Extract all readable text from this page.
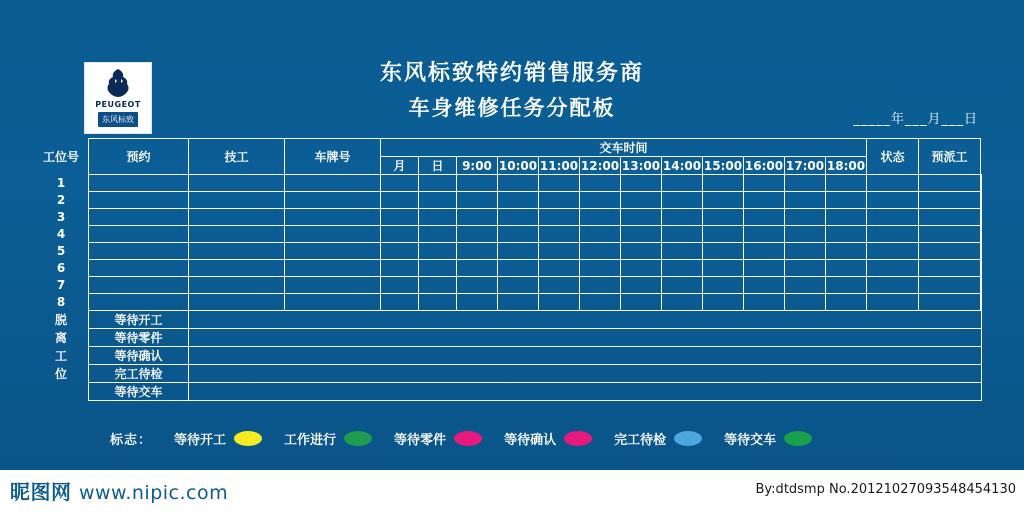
PEUGEOT
东风标致
东风标致特约销售服务商
车身维修任务分配板	_____年___月___日
工位号	预约	技工	车牌号	交车时间												状态	预派工	
				月	日	9:00	10:00	11:00	12:00	13:00	14:00	15:00	16:00	17:00	18:00			
1																		
2																		
3																		
4																		
5																		
6																		
7																		
8																		
脱	等待开工																	
离	等待零件																	
工	等待确认																	
位	完工待检																	
	等待交车																	
标志： 等待开工	工作进行	等待零件	等待确认	完工待检	等待交车
昵图网 www.nipic.com	By:dtdsmp No.20121027093548454130
